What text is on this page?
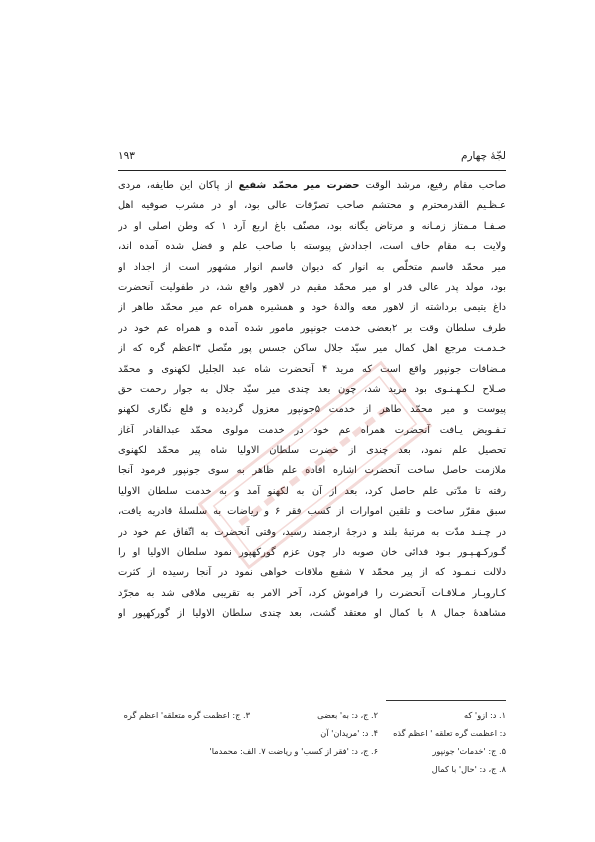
لجّهٔ چهارم
۱۹۳
صاحب مقام رفیع، مرشد الوقت حضرت میر محمّد شفیع از پاکان این طایفه، مردی
عـظـیم القدرمحترم و محتشم صاحب تصرّفات عالی بود، او در مشرب صوفیه اهل
صـفـا مـمتاز زمـانه و مرتاض یگانه بود، مصنّف باغ اربع آرد ۱ که وطن اصلی او در
ولایت بـه مقام حاف است، اجدادش پیوسته با صاحب علم و فضل شده آمده اند،
میر محمّد قاسم متخلّص به انوار که دیوان قاسم انوار مشهور است از اجداد او
بود، مولد پدر عالی قدر او میر محمّد مقیم در لاهور واقع شد، در طفولیت آنحضرت
داغ یتیمی برداشته از لاهور معه والدهٔ خود و همشیره همراه عم میر محمّد طاهر از
طرف سلطان وقت بر ۲بعضی خدمت جونپور مامور شده آمده و همراه عم خود در
خـدمـت مرجع اهل کمال میر سیّد جلال ساکن جسس پور متّصل ۳اعظم گره که از
مـضافات جونپور واقع است که مرید ۴ آنحضرت شاه عبد الجلیل لکهنوی و محمّد
صـلاح لـکـهـنـوی بود مرید شد، چون بعد چندی میر سیّد جلال به جوار رحمت حق
پیوست و میر محمّد طاهر از خدمت ۵جونپور معزول گردیده و قلع نگاری لکهنو
تـفـویض یـافت آنحضرت همراه عم خود در خدمت مولوی محمّد عبدالقادر آغاز
تحصیل علم نمود، بعد چندی از حضرت سلطان الاولیا شاه پیر محمّد لکهنوی
ملازمت حاصل ساخت آنحضرت اشاره افاده علم ظاهر به سوی جونپور فرمود آنجا
رفته تا مدّتی علم حاصل کرد، بعد از آن به لکهنو آمد و به خدمت سلطان الاولیا
سبق مقرّر ساخت و تلقین اموارات از کسب فقر ۶ و ریاضات به سلسلهٔ قادریه یافت،
در چـنـد مدّت به مرتبهٔ بلند و درجهٔ ارجمند رسید، وقتی آنحضرت به اتّفاق عم خود در
گـورکـهـپـور بـود فدائی خان صوبه دار چون عزم گورکهپور نمود سلطان الاولیا او را
دلالت نـمـود که از پیر محمّد ۷ شفیع ملاقات خواهی نمود در آنجا رسیده از کثرت
کـاروبـار مـلاقـات آنحضرت را فراموش کرد، آخر الامر به تقریبی ملاقی شد به مجرّد
مشاهدهٔ جمال ۸ با کمال او معتقد گشت، بعد چندی سلطان الاولیا از گورکهپور او
۱. د: ازو' که۲. ج، د: به' بعضی۳. ج: اعظمت گره متعلقه' اعظم گره
د: اعظمت گره تعلقه ' اعظم گذه۴. د: 'مریدان' آن
۵. ج: 'خدمات' جونپور۶. ج، د: 'فقر از کسب' و ریاضت ۷. الف: محمدما'
۸. ج، د: 'حال' با کمال
